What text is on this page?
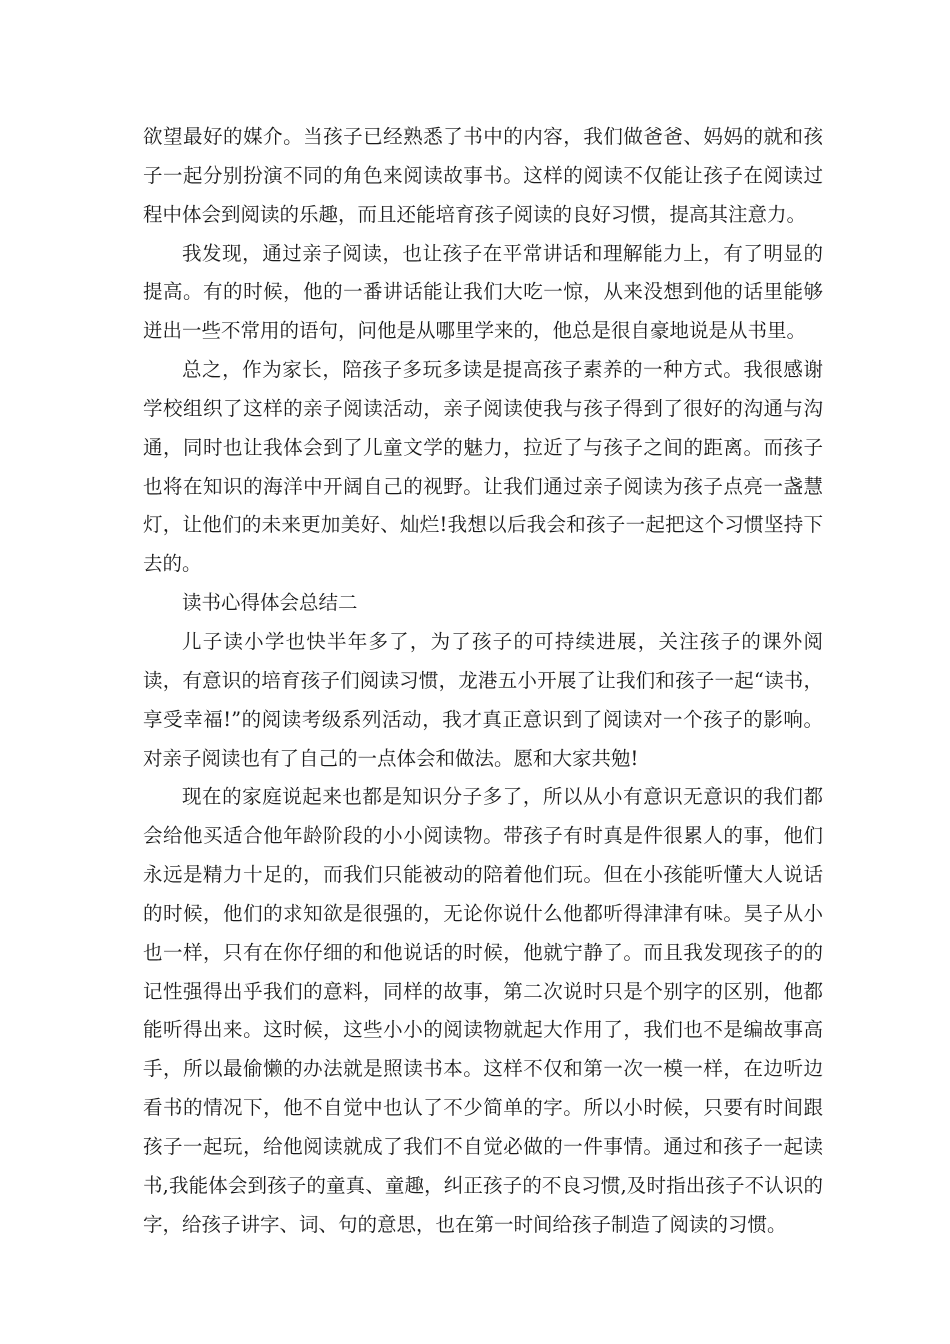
欲望最好的媒介。当孩子已经熟悉了书中的内容，我们做爸爸、妈妈的就和孩子一起分别扮演不同的角色来阅读故事书。这样的阅读不仅能让孩子在阅读过程中体会到阅读的乐趣，而且还能培育孩子阅读的良好习惯，提高其注意力。

我发现，通过亲子阅读，也让孩子在平常讲话和理解能力上，有了明显的提高。有的时候，他的一番讲话能让我们大吃一惊，从来没想到他的话里能够迸出一些不常用的语句，问他是从哪里学来的，他总是很自豪地说是从书里。

总之，作为家长，陪孩子多玩多读是提高孩子素养的一种方式。我很感谢学校组织了这样的亲子阅读活动，亲子阅读使我与孩子得到了很好的沟通与沟通，同时也让我体会到了儿童文学的魅力，拉近了与孩子之间的距离。而孩子也将在知识的海洋中开阔自己的视野。让我们通过亲子阅读为孩子点亮一盏慧灯，让他们的未来更加美好、灿烂!我想以后我会和孩子一起把这个习惯坚持下去的。

读书心得体会总结二

儿子读小学也快半年多了，为了孩子的可持续进展，关注孩子的课外阅读，有意识的培育孩子们阅读习惯，龙港五小开展了让我们和孩子一起“读书，享受幸福!”的阅读考级系列活动，我才真正意识到了阅读对一个孩子的影响。对亲子阅读也有了自己的一点体会和做法。愿和大家共勉!

现在的家庭说起来也都是知识分子多了，所以从小有意识无意识的我们都会给他买适合他年龄阶段的小小阅读物。带孩子有时真是件很累人的事，他们永远是精力十足的，而我们只能被动的陪着他们玩。但在小孩能听懂大人说话的时候，他们的求知欲是很强的，无论你说什么他都听得津津有味。昊子从小也一样，只有在你仔细的和他说话的时候，他就宁静了。而且我发现孩子的的记性强得出乎我们的意料，同样的故事，第二次说时只是个别字的区别，他都能听得出来。这时候，这些小小的阅读物就起大作用了，我们也不是编故事高手，所以最偷懒的办法就是照读书本。这样不仅和第一次一模一样，在边听边看书的情况下，他不自觉中也认了不少简单的字。所以小时候，只要有时间跟孩子一起玩，给他阅读就成了我们不自觉必做的一件事情。通过和孩子一起读书,我能体会到孩子的童真、童趣，纠正孩子的不良习惯,及时指出孩子不认识的字，给孩子讲字、词、句的意思，也在第一时间给孩子制造了阅读的习惯。
